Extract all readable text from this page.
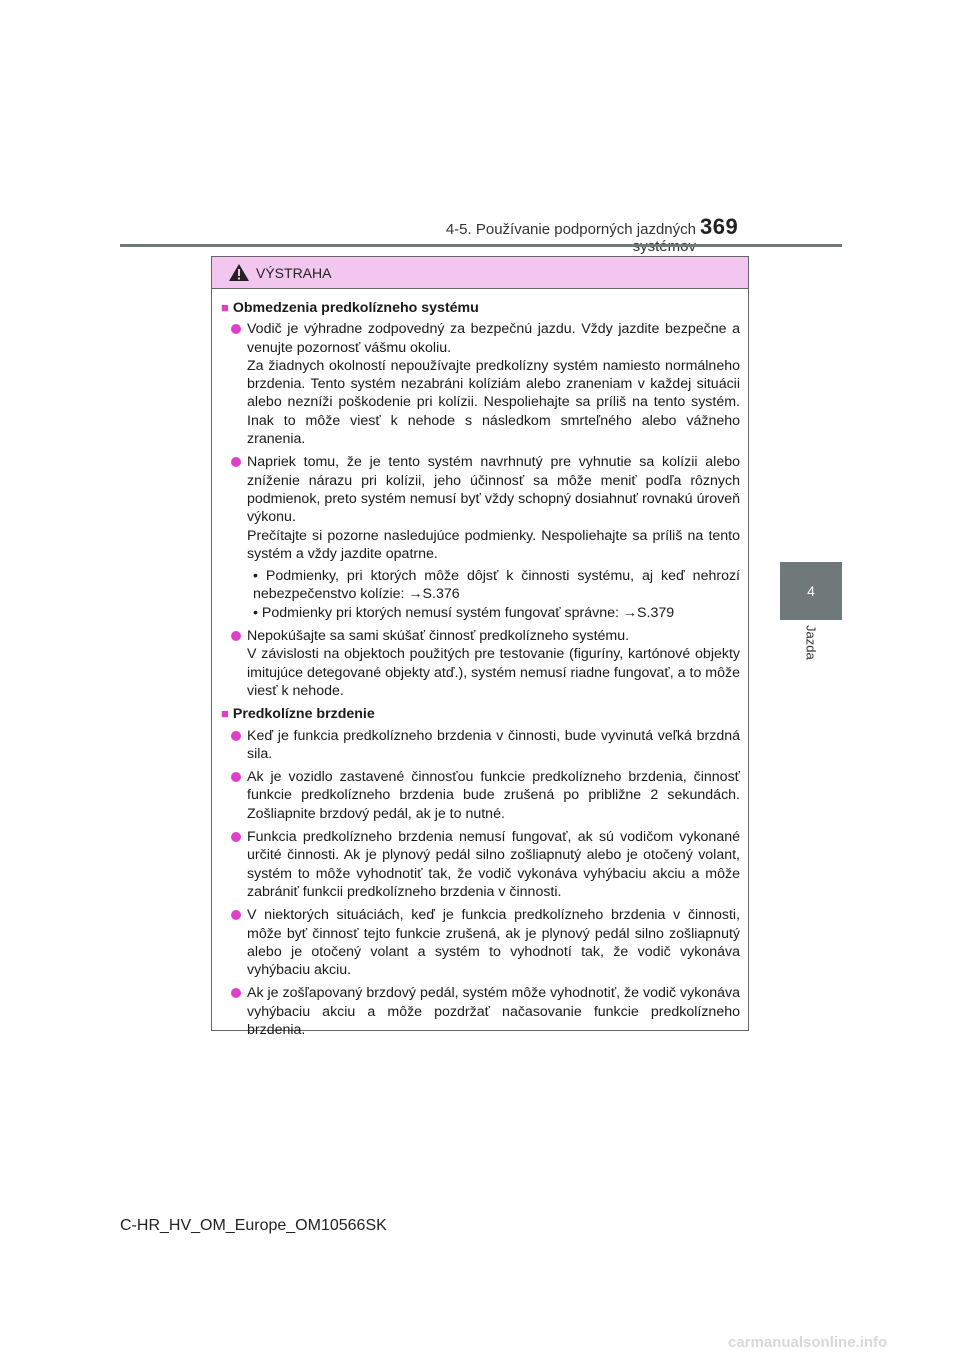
4-5. Používanie podporných jazdných 369
4
Jazda
VÝSTRAHA
■ Obmedzenia predkolízneho systému
Vodič je výhradne zodpovedný za bezpečnú jazdu. Vždy jazdite bezpečne a venujte pozornosť vášmu okoliu.
Za žiadnych okolností nepoužívajte predkolízny systém namiesto normálneho brzdenia. Tento systém nezabráni kolíziám alebo zraneniam v každej situácii alebo nezníži poškodenie pri kolízii. Nespoliehajte sa príliš na tento systém. Inak to môže viesť k nehode s následkom smrteľného alebo vážneho zranenia.
Napriek tomu, že je tento systém navrhnutý pre vyhnutie sa kolízii alebo zníženie nárazu pri kolízii, jeho účinnosť sa môže meniť podľa rôznych podmienok, preto systém nemusí byť vždy schopný dosiahnuť rovnakú úroveň výkonu.
Prečítajte si pozorne nasledujúce podmienky. Nespoliehajte sa príliš na tento systém a vždy jazdite opatrne.
• Podmienky, pri ktorých môže dôjsť k činnosti systému, aj keď nehrozí nebezpečenstvo kolízie: →S.376
• Podmienky pri ktorých nemusí systém fungovať správne: →S.379
Nepokúšajte sa sami skúšať činnosť predkolízneho systému.
V závislosti na objektoch použitých pre testovanie (figuríny, kartónové objekty imitujúce detegované objekty atď.), systém nemusí riadne fungovať, a to môže viesť k nehode.
■ Predkolízne brzdenie
Keď je funkcia predkolízneho brzdenia v činnosti, bude vyvinutá veľká brzdná sila.
Ak je vozidlo zastavené činnosťou funkcie predkolízneho brzdenia, činnosť funkcie predkolízneho brzdenia bude zrušená po približne 2 sekundách. Zošliapnite brzdový pedál, ak je to nutné.
Funkcia predkolízneho brzdenia nemusí fungovať, ak sú vodičom vykonané určité činnosti. Ak je plynový pedál silno zošliapnutý alebo je otočený volant, systém to môže vyhodnotiť tak, že vodič vykonáva vyhýbaciu akciu a môže zabrániť funkcii predkolízneho brzdenia v činnosti.
V niektorých situáciách, keď je funkcia predkolízneho brzdenia v činnosti, môže byť činnosť tejto funkcie zrušená, ak je plynový pedál silno zošliapnutý alebo je otočený volant a systém to vyhodnotí tak, že vodič vykonáva vyhýbaciu akciu.
Ak je zošľapovaný brzdový pedál, systém môže vyhodnotiť, že vodič vykonáva vyhýbaciu akciu a môže pozdržať načasovanie funkcie predkolízneho brzdenia.
C-HR_HV_OM_Europe_OM10566SK
carmanualsonline.info
